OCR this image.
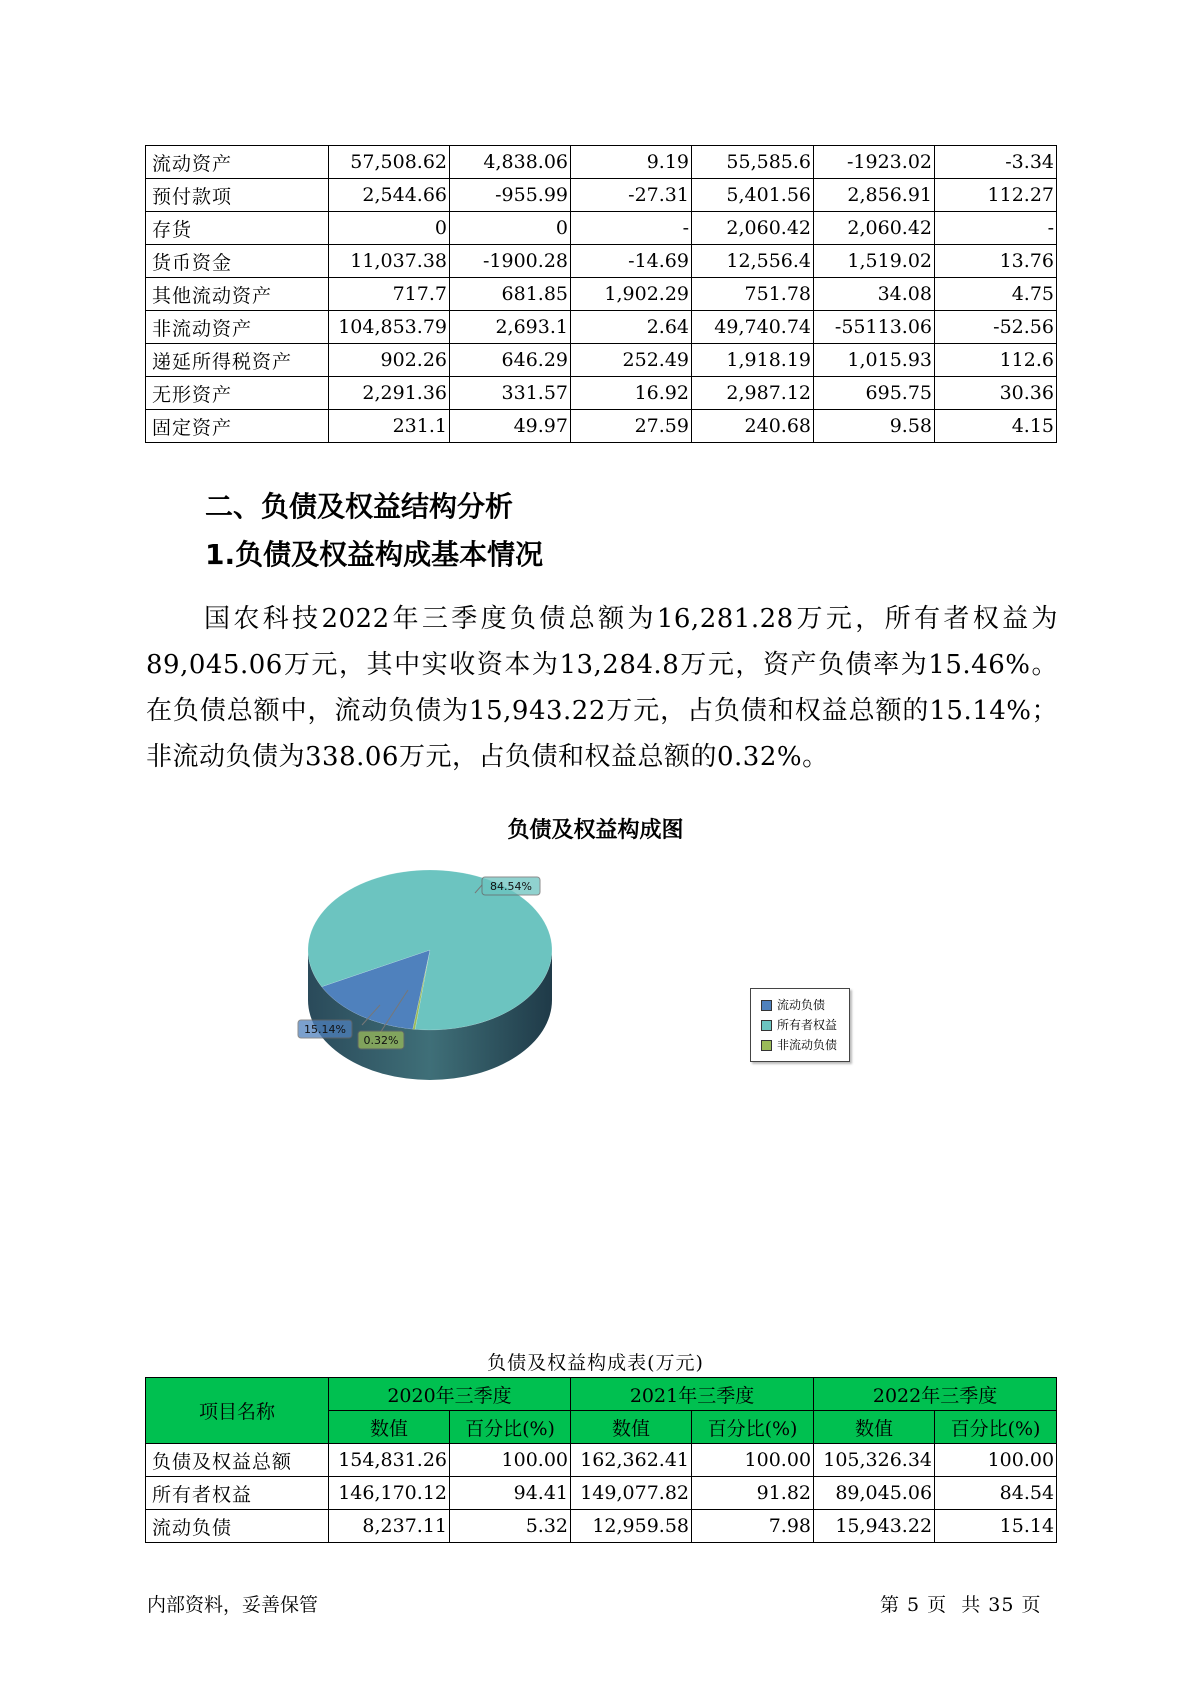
流动资产	57,508.62	4,838.06	9.19	55,585.6	-1923.02	-3.34
预付款项	2,544.66	-955.99	-27.31	5,401.56	2,856.91	112.27
存货	0	0	-	2,060.42	2,060.42	-
货币资金	11,037.38	-1900.28	-14.69	12,556.4	1,519.02	13.76
其他流动资产	717.7	681.85	1,902.29	751.78	34.08	4.75
非流动资产	104,853.79	2,693.1	2.64	49,740.74	-55113.06	-52.56
递延所得税资产	902.26	646.29	252.49	1,918.19	1,015.93	112.6
无形资产	2,291.36	331.57	16.92	2,987.12	695.75	30.36
固定资产	231.1	49.97	27.59	240.68	9.58	4.15
二、负债及权益结构分析
1.负债及权益构成基本情况
国农科技2022年三季度负债总额为16,281.28万元，所有者权益为89,045.06万元，其中实收资本为13,284.8万元，资产负债率为15.46%。在负债总额中，流动负债为15,943.22万元，占负债和权益总额的15.14%；非流动负债为338.06万元，占负债和权益总额的0.32%。
负债及权益构成图
15.14%
84.54%
0.32%
流动负债
所有者权益
非流动负债
负债及权益构成表(万元)
项目名称	2020年三季度		2021年三季度		2022年三季度	
	数值	百分比(%)	数值	百分比(%)	数值	百分比(%)
负债及权益总额	154,831.26	100.00	162,362.41	100.00	105,326.34	100.00
所有者权益	146,170.12	94.41	149,077.82	91.82	89,045.06	84.54
流动负债	8,237.11	5.32	12,959.58	7.98	15,943.22	15.14
内部资料，妥善保管	第 5 页  共 35 页
